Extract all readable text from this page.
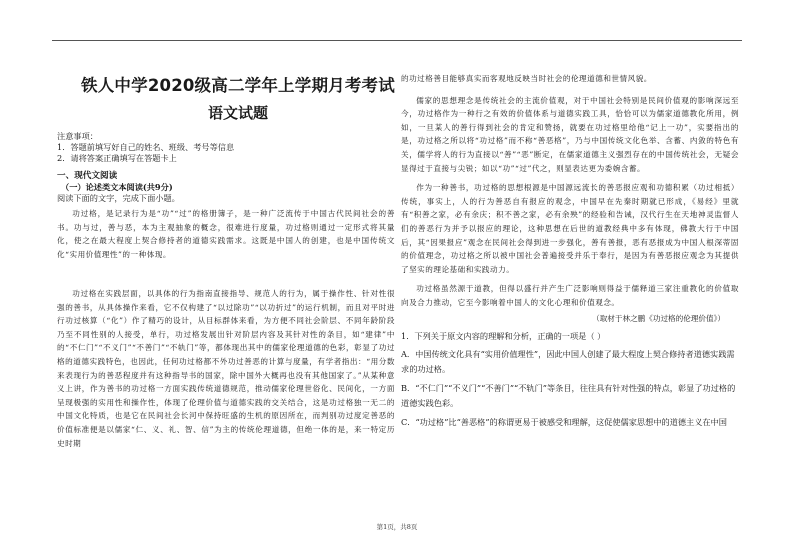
铁人中学2020级高二学年上学期月考考试
语文试题
注意事项：
1．答题前填写好自己的姓名、班级、考号等信息
2．请将答案正确填写在答题卡上
一、现代文阅读
（一）论述类文本阅读(共9分)
阅读下面的文字，完成下面小题。

功过格，是记录行为是“功”“过”的格册簿子，是一种广泛流传于中国古代民间社会的善书。功与过，善与恶，本为主观抽象的概念，很难进行度量，功过格则通过一定形式将其量化，使之在最大程度上契合修持者的道德实践需求。这既是中国人的创建，也是中国传统文化“实用价值理性”的一种体现。

功过格在实践层面，以具体的行为指南直接指导、规范人的行为，属于操作性、针对性很强的善书，从具体操作来看，它不仅构建了“以过除功”“以功折过”的运行机制，而且对平时进行功过核算（“化”）作了精巧的设计，从目标群体来看，为方便不同社会阶层、不同年龄阶段乃至不同性别的人接受，单行，功过格发展出针对阶层内容及其针对性的条目，如“建律”中的“不仁门”“不义门”“不善门”“不轨门”等，都体现出其中的儒家伦理道德的色彩，彰显了功过格的道德实践特色，也因此，任何功过格都不外功过善恶的计算与度量，有学者指出：“用分数来表现行为的善恶程度并有这种指导书的国家，除中国外大概再也没有其他国家了。”从某种意义上讲，作为善书的功过格一方面实践传统道德规范，推动儒家伦理世俗化、民间化，一方面呈现极强的实用性和操作性，体现了伦理价值与道德实践的交关结合，这是功过格独一无二的中国文化特质，也是它在民间社会长河中保持旺盛的生机的原因所在，而判别功过度定善恶的价值标准便是以儒家“仁、义、礼、智、信”为主的传统伦理道德，但绝一体的是，来一特定历史时期

的功过格善目能够真实而客观地反映当时社会的伦理道德和世情风貌。

儒家的思想理念是传统社会的主流价值观，对于中国社会特别是民间价值观的影响深远至今，功过格作为一种行之有效的价值体系与道德实践工具，恰恰可以为儒家道德教化所用，例如，一旦某人的善行得到社会的肯定和赞扬，就要在功过格里给他“记上一功”，实要指出的是，功过格之所以将“功过格”而不称“善恶格”，乃与中国传统文化色举、含蓄、内敛的特色有关，儒学将人的行为直接以“善”“恶”断定，在儒家道德主义强烈存在的中国传统社会，无疑会显得过于直接与尖锐；如以“功”“过”代之，则显表达更为委婉含蓄。

作为一种善书，功过格的思想根源是中国源远流长的善恶报应观和功德积累（功过相抵）传统，事实上，人的行为善恶自有报应的观念，中国早在先秦时期就已形成，《易经》里就有“积善之家，必有余庆；积不善之家，必有余殃”的经验和告诫，汉代行生在天地神灵监督人们的善恶行为并予以报应的理论，这种思想在后世的道教经典中多有体现，佛教大行于中国后，其“因果报应”观念在民间社会得到进一步强化，善有善报，恶有恶报成为中国人根深蒂固的价值理念，功过格之所以被中国社会普遍接受并乐于奉行，是因为有善恶报应观念为其提供了坚实的理论基础和实践动力。

功过格虽然源于道教，但得以盛行并产生广泛影响则得益于儒释道三家注重教化的价值取向及合力推动，它至今影响着中国人的文化心理和价值观念。

（取材于林之鹏《功过格的伦理价值》）
1．下列关于原文内容的理解和分析，正确的一项是（ ）
A．中国传统文化具有“实用价值理性”，因此中国人创建了最大程度上契合修持者道德实践需求的功过格。
B．“不仁门”“不义门”“不善门”“不轨门”等条目，往往具有针对性强的特点，彰显了功过格的道德实践色彩。
C．“功过格”比“善恶格”的称谓更易于被感受和理解，这促使儒家思想中的道德主义在中国
第1页，共8页
